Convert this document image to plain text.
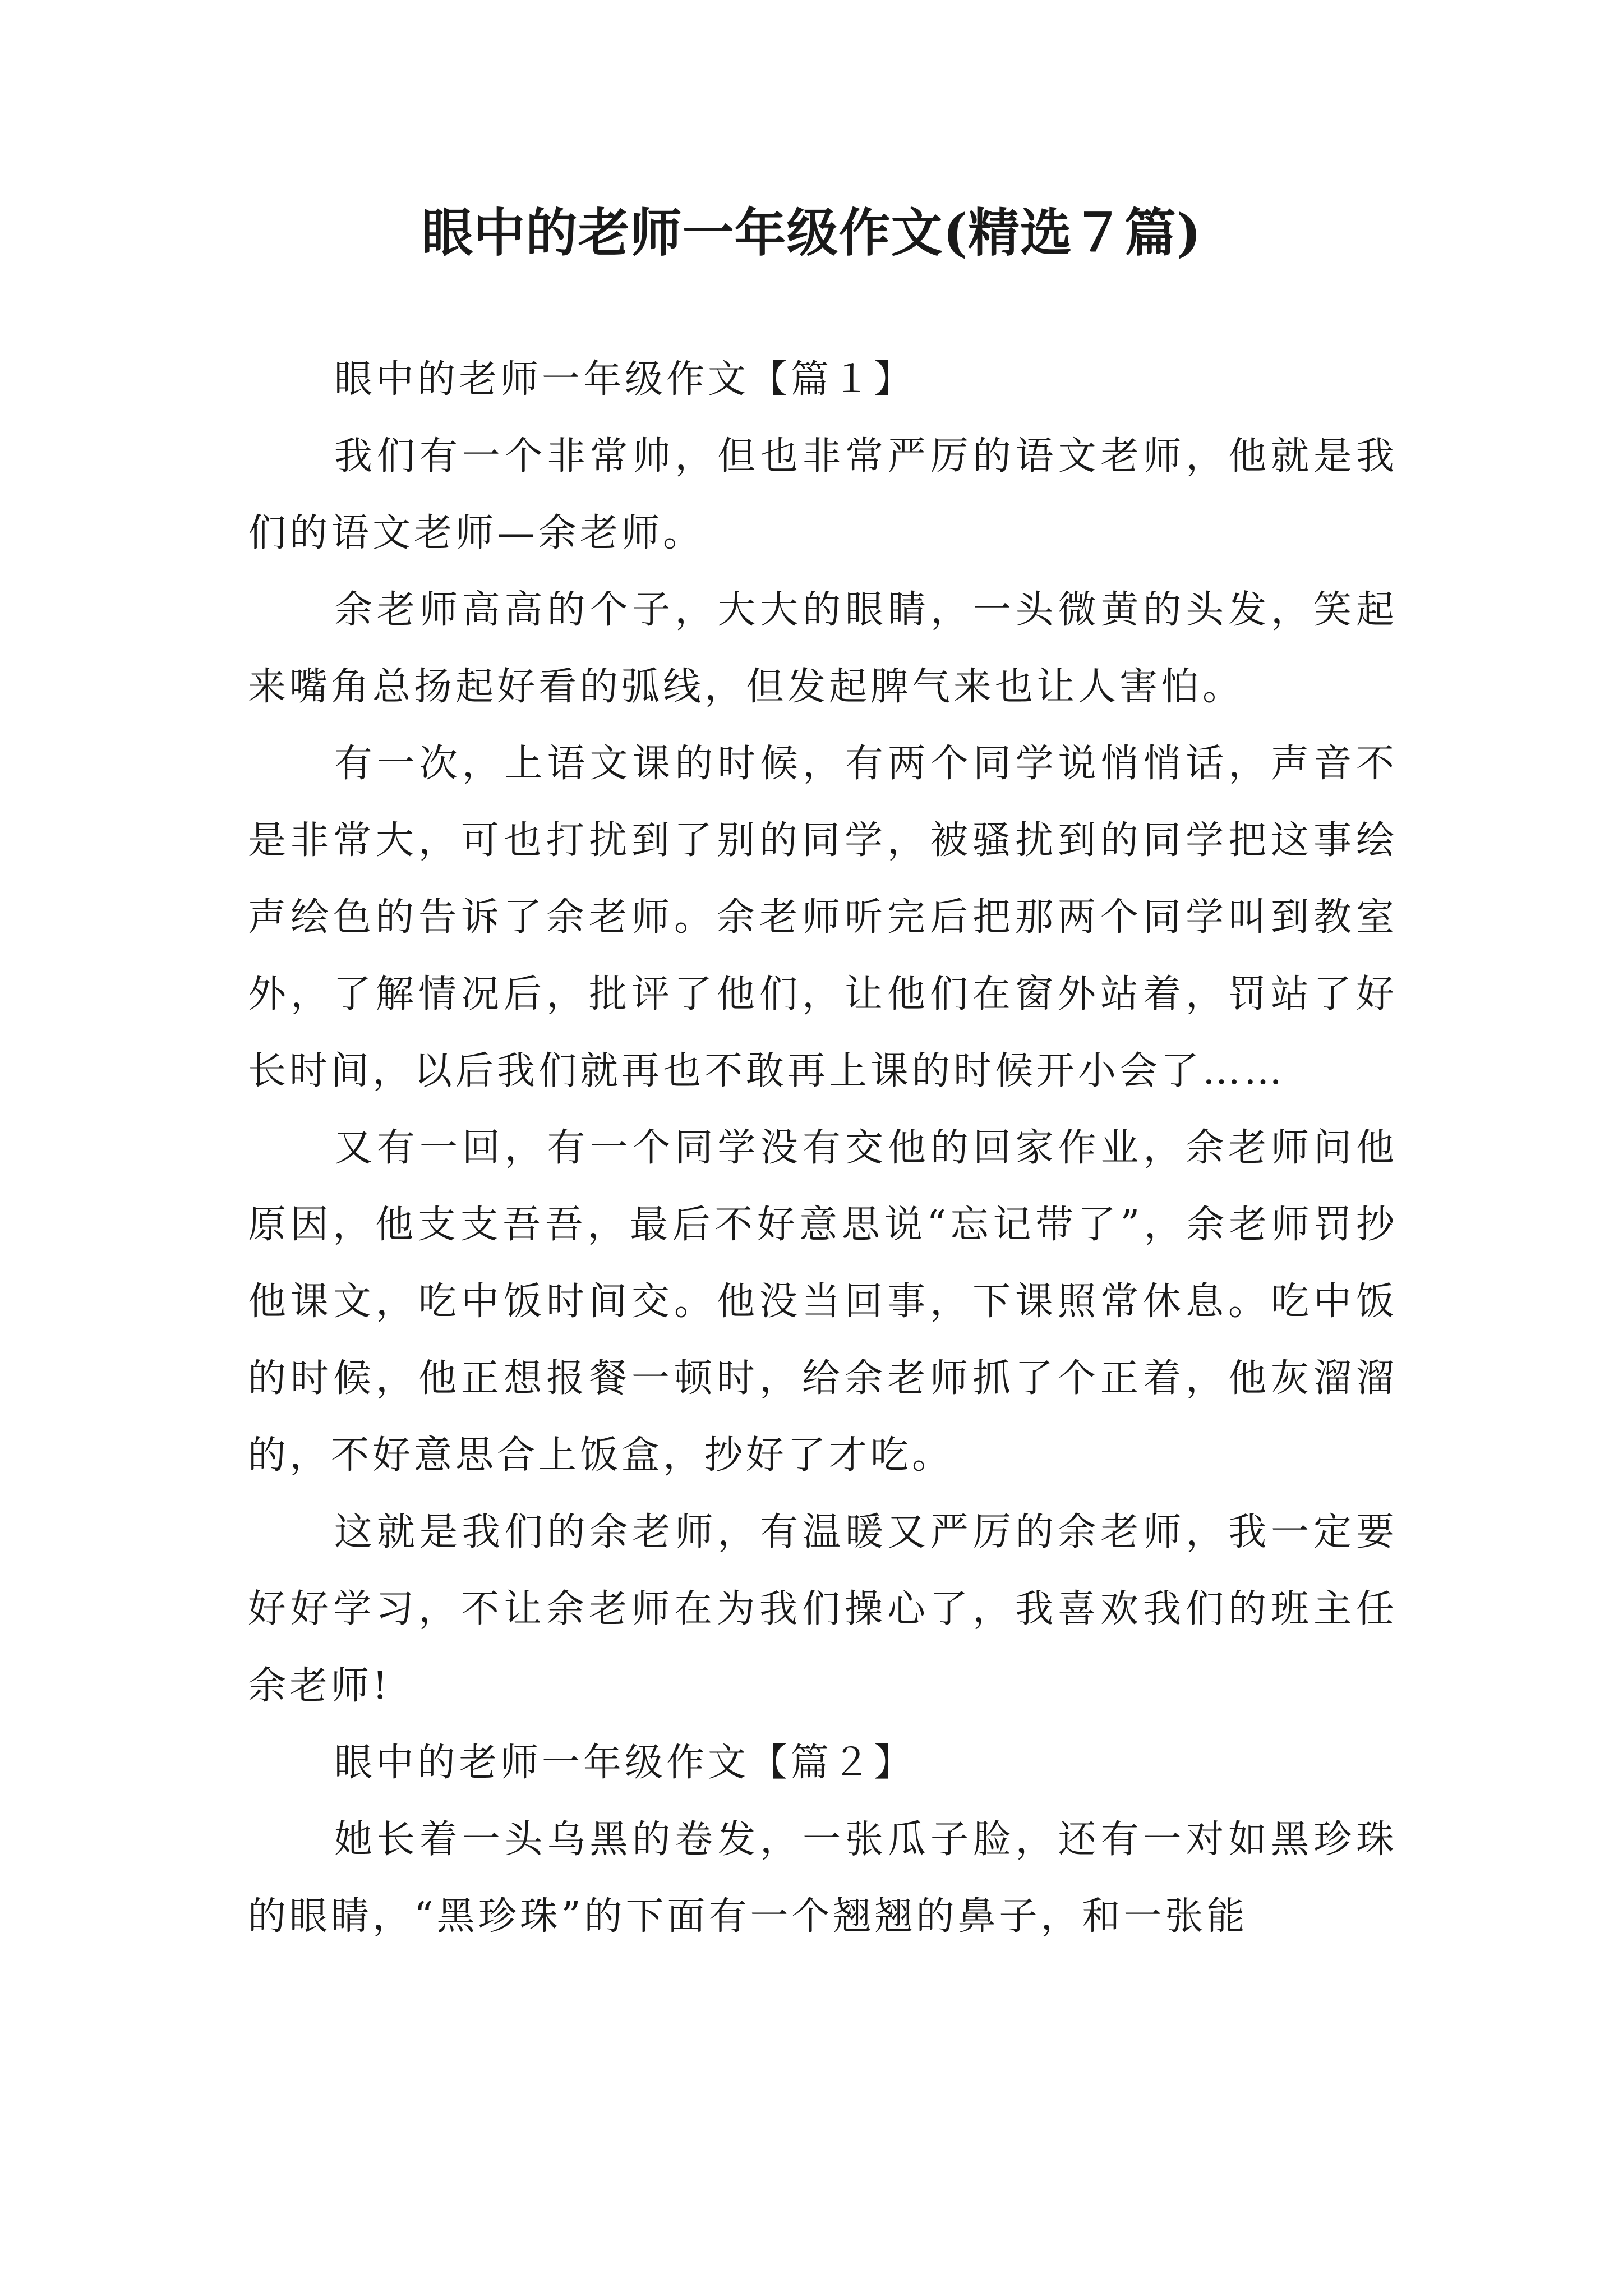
眼中的老师一年级作文(精选７篇)

眼中的老师一年级作文【篇１】

我们有一个非常帅，但也非常严厉的语文老师，他就是我们的语文老师—余老师。

余老师高高的个子，大大的眼睛，一头微黄的头发，笑起来嘴角总扬起好看的弧线，但发起脾气来也让人害怕。

有一次，上语文课的时候，有两个同学说悄悄话，声音不是非常大，可也打扰到了别的同学，被骚扰到的同学把这事绘声绘色的告诉了余老师。余老师听完后把那两个同学叫到教室外，了解情况后，批评了他们，让他们在窗外站着，罚站了好长时间，以后我们就再也不敢再上课的时候开小会了……

又有一回，有一个同学没有交他的回家作业，余老师问他原因，他支支吾吾，最后不好意思说“忘记带了”，余老师罚抄他课文，吃中饭时间交。他没当回事，下课照常休息。吃中饭的时候，他正想报餐一顿时，给余老师抓了个正着，他灰溜溜的，不好意思合上饭盒，抄好了才吃。

这就是我们的余老师，有温暖又严厉的余老师，我一定要好好学习，不让余老师在为我们操心了，我喜欢我们的班主任余老师!

眼中的老师一年级作文【篇２】

她长着一头乌黑的卷发，一张瓜子脸，还有一对如黑珍珠的眼睛，“黑珍珠”的下面有一个翘翘的鼻子，和一张能
